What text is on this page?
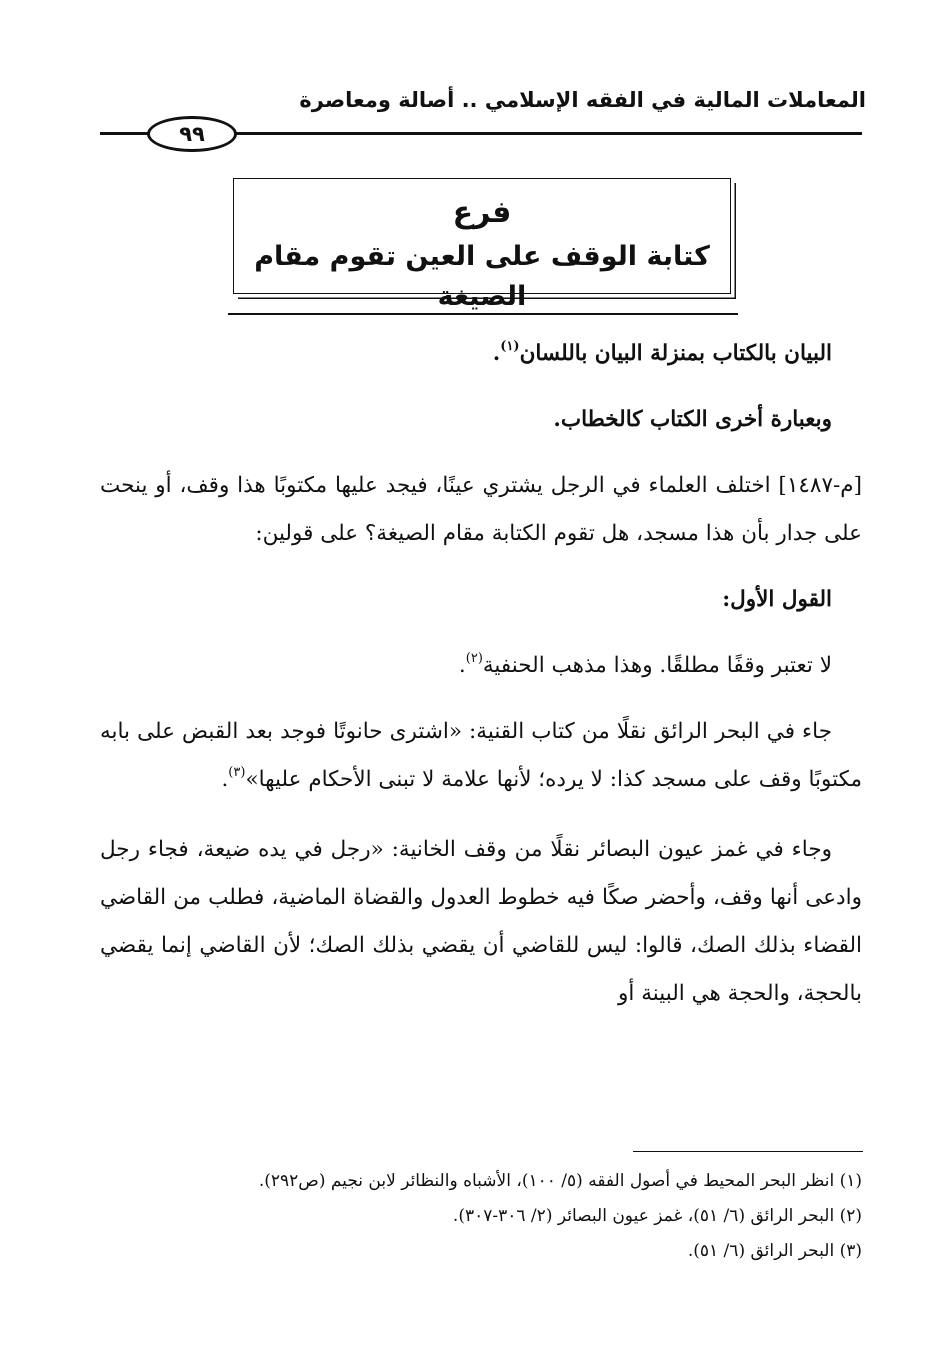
المعاملات المالية في الفقه الإسلامي .. أصالة ومعاصرة
٩٩
فرع
كتابة الوقف على العين تقوم مقام الصيغة

البيان بالكتاب بمنزلة البيان باللسان$^{(١)}$.

وبعبارة أخرى الكتاب كالخطاب.

[م-١٤٨٧] اختلف العلماء في الرجل يشتري عينًا، فيجد عليها مكتوبًا هذا وقف، أو ينحت على جدار بأن هذا مسجد، هل تقوم الكتابة مقام الصيغة؟ على قولين:

القول الأول:

لا تعتبر وقفًا مطلقًا. وهذا مذهب الحنفية$^{(٢)}$.

جاء في البحر الرائق نقلًا من كتاب القنية: «اشترى حانوتًا فوجد بعد القبض على بابه مكتوبًا وقف على مسجد كذا: لا يرده؛ لأنها علامة لا تبنى الأحكام عليها»$^{(٣)}$.

وجاء في غمز عيون البصائر نقلًا من وقف الخانية: «رجل في يده ضيعة، فجاء رجل وادعى أنها وقف، وأحضر صكًا فيه خطوط العدول والقضاة الماضية، فطلب من القاضي القضاء بذلك الصك، قالوا: ليس للقاضي أن يقضي بذلك الصك؛ لأن القاضي إنما يقضي بالحجة، والحجة هي البينة أو

(١) انظر البحر المحيط في أصول الفقه (٥/ ١٠٠)، الأشباه والنظائر لابن نجيم (ص٢٩٢).

(٢) البحر الرائق (٦/ ٥١)، غمز عيون البصائر (٢/ ٣٠٦-٣٠٧).

(٣) البحر الرائق (٦/ ٥١).
